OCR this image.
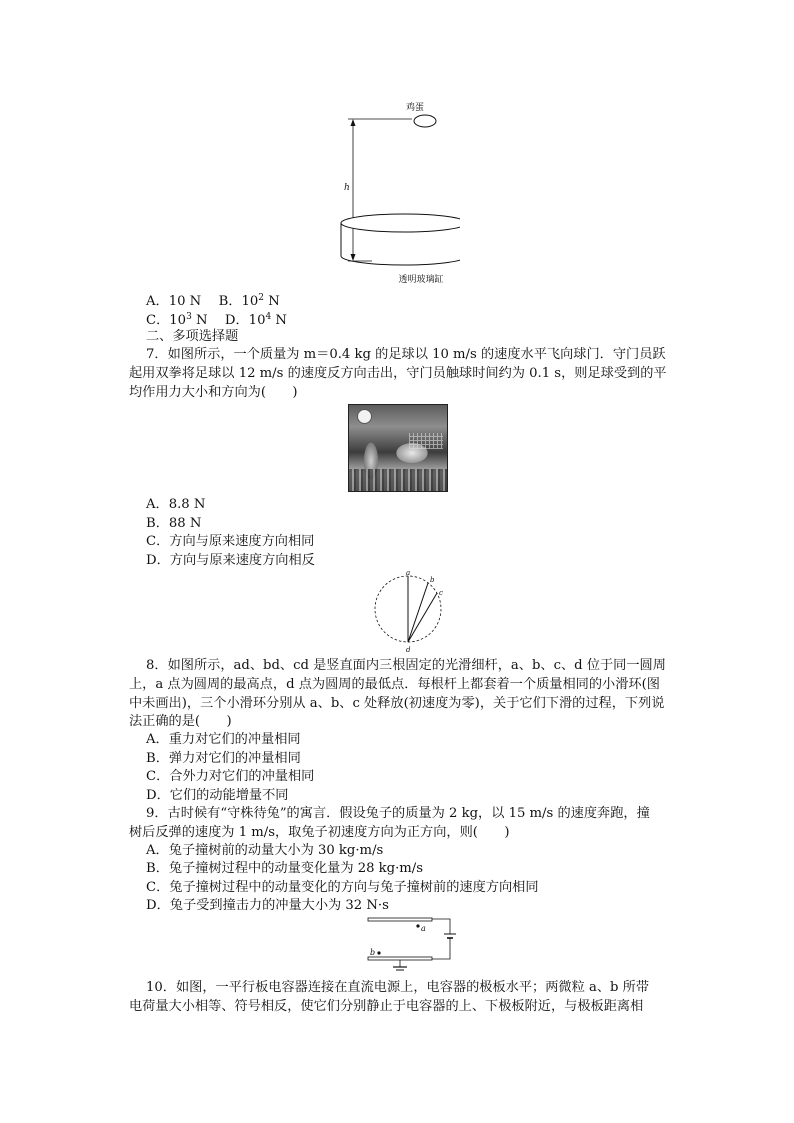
鸡蛋
h
透明玻璃缸
A．10 N 　 B．$10^2$ N
C．$10^3$ N 　 D．$10^4$ N
二、多项选择题
7．如图所示，一个质量为 m＝0.4 kg 的足球以 10 m/s 的速度水平飞向球门．守门员跃
起用双拳将足球以 12 m/s 的速度反方向击出，守门员触球时间约为 0.1 s，则足球受到的平
均作用力大小和方向为(　　)
A．8.8 N
B．88 N
C．方向与原来速度方向相同
D．方向与原来速度方向相反
a
b
c
d
8．如图所示，ad、bd、cd 是竖直面内三根固定的光滑细杆，a、b、c、d 位于同一圆周
上，a 点为圆周的最高点，d 点为圆周的最低点．每根杆上都套着一个质量相同的小滑环(图
中未画出)，三个小滑环分别从 a、b、c 处释放(初速度为零)，关于它们下滑的过程，下列说
法正确的是(　　)
A．重力对它们的冲量相同
B．弹力对它们的冲量相同
C．合外力对它们的冲量相同
D．它们的动能增量不同
9．古时候有“守株待兔”的寓言．假设兔子的质量为 2 kg，以 15 m/s 的速度奔跑，撞
树后反弹的速度为 1 m/s，取兔子初速度方向为正方向，则(　　)
A．兔子撞树前的动量大小为 30 kg·m/s
B．兔子撞树过程中的动量变化量为 28 kg·m/s
C．兔子撞树过程中的动量变化的方向与兔子撞树前的速度方向相同
D．兔子受到撞击力的冲量大小为 32 N·s
a
b
10．如图，一平行板电容器连接在直流电源上，电容器的极板水平；两微粒 a、b 所带
电荷量大小相等、符号相反，使它们分别静止于电容器的上、下极板附近，与极板距离相
